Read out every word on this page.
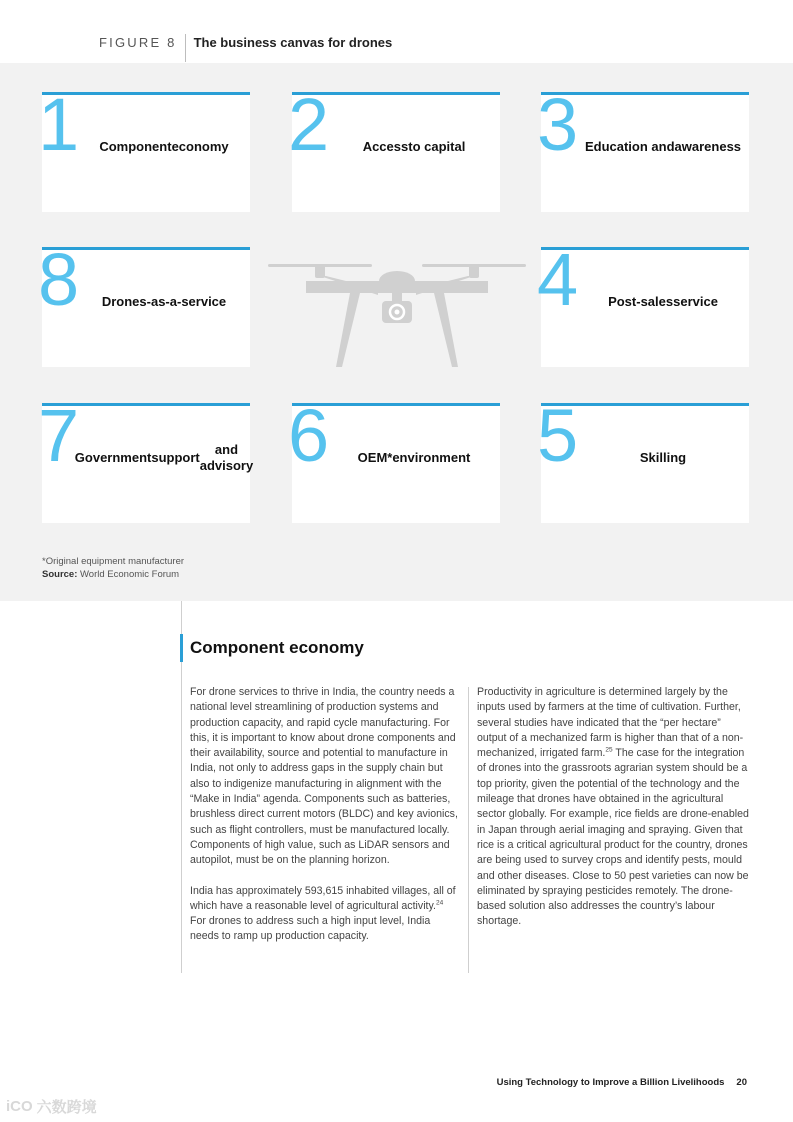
FIGURE 8	The business canvas for drones
1 Component economy 2	Access to capital 3 Education and awareness
8 Drones- as-a-service	4 Post-sales service
7
Government support
and advisory 6 OEM* environment 5	Skilling
*Original equipment manufacturer
Source: World Economic Forum
Component economy

For drone services to thrive in India, the country needs a national level streamlining of production systems and production capacity, and rapid cycle manufacturing. For this, it is important to know about drone components and their availability, source and potential to manufacture in India, not only to address gaps in the supply chain but also to indigenize manufacturing in alignment with the “Make in India” agenda. Components such as batteries, brushless direct current motors (BLDC) and key avionics, such as flight controllers, must be manufactured locally. Components of high value, such as LiDAR sensors and autopilot, must be on the planning horizon.

India has approximately 593,615 inhabited villages, all of which have a reasonable level of agricultural activity.$^{24}$ For drones to address such a high input level, India needs to ramp up production capacity.

Productivity in agriculture is determined largely by the inputs used by farmers at the time of cultivation. Further, several studies have indicated that the “per hectare” output of a mechanized farm is higher than that of a non-mechanized, irrigated farm.$^{25}$ The case for the integration of drones into the grassroots agrarian system should be a top priority, given the potential of the technology and the mileage that drones have obtained in the agricultural sector globally. For example, rice fields are drone-enabled in Japan through aerial imaging and spraying. Given that rice is a critical agricultural product for the country, drones are being used to survey crops and identify pests, mould and other diseases. Close to 50 pest varieties can now be eliminated by spraying pesticides remotely. The drone-based solution also addresses the country’s labour shortage.

Using Technology to Improve a Billion Livelihoods 20
iCO 六数跨境
